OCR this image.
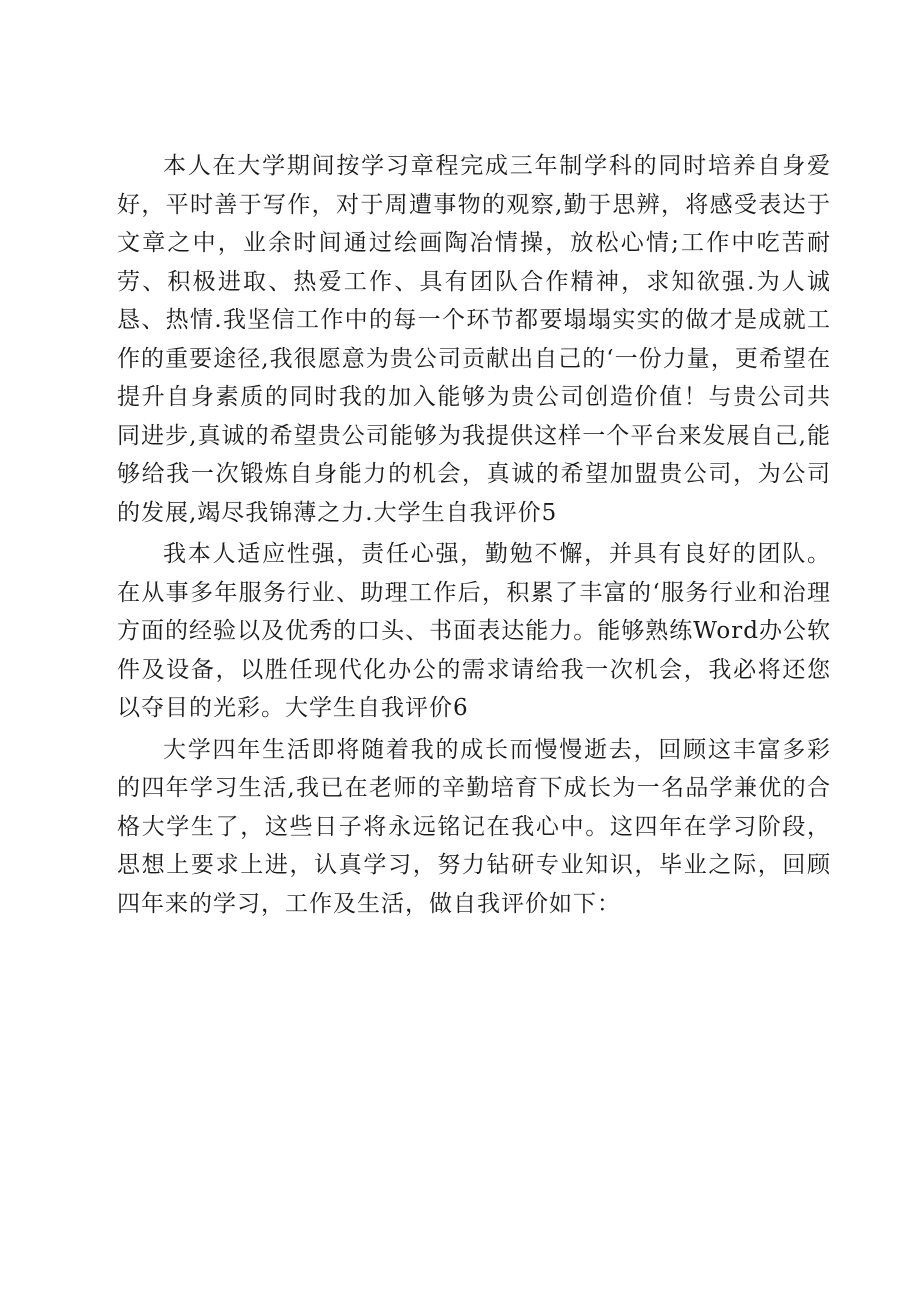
本人在大学期间按学习章程完成三年制学科的同时培养自身爱好，平时善于写作，对于周遭事物的观察,勤于思辨，将感受表达于文章之中，业余时间通过绘画陶冶情操，放松心情;工作中吃苦耐劳、积极进取、热爱工作、具有团队合作精神，求知欲强.为人诚恳、热情.我坚信工作中的每一个环节都要塌塌实实的做才是成就工作的重要途径,我很愿意为贵公司贡献出自己的‘一份力量，更希望在提升自身素质的同时我的加入能够为贵公司创造价值！与贵公司共同进步,真诚的希望贵公司能够为我提供这样一个平台来发展自己,能够给我一次锻炼自身能力的机会，真诚的希望加盟贵公司，为公司的发展,竭尽我锦薄之力.大学生自我评价5

我本人适应性强，责任心强，勤勉不懈，并具有良好的团队。在从事多年服务行业、助理工作后，积累了丰富的‘服务行业和治理方面的经验以及优秀的口头、书面表达能力。能够熟练Word办公软件及设备，以胜任现代化办公的需求请给我一次机会，我必将还您以夺目的光彩。大学生自我评价6

大学四年生活即将随着我的成长而慢慢逝去，回顾这丰富多彩的四年学习生活,我已在老师的辛勤培育下成长为一名品学兼优的合格大学生了，这些日子将永远铭记在我心中。这四年在学习阶段，思想上要求上进，认真学习，努力钻研专业知识，毕业之际，回顾四年来的学习，工作及生活，做自我评价如下：
